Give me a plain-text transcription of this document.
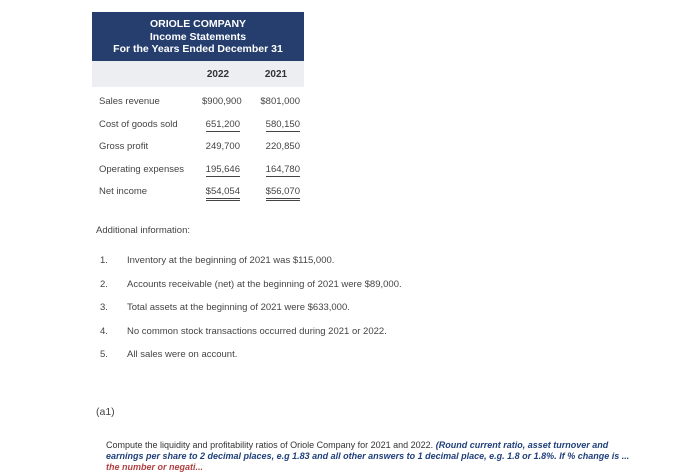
ORIOLE COMPANY
Income Statements
For the Years Ended December 31
2022	2021
Sales revenue	$900,900 $801,000
Cost of goods sold	651,200	580,150
Gross profit	249,700	220,850
Operating expenses	195,646	164,780
Net income	$54,054	$56,070
Additional information:
1. Inventory at the beginning of 2021 was $115,000.
2. Accounts receivable (net) at the beginning of 2021 were $89,000.
3. Total assets at the beginning of 2021 were $633,000.
4. No common stock transactions occurred during 2021 or 2022.
5. All sales were on account.
(a1)
Compute the liquidity and profitability ratios of Oriole Company for 2021 and 2022. (Round current ratio, asset turnover and earnings per share to 2 decimal places, e.g 1.83 and all other answers to 1 decimal place, e.g. 1.8 or 1.8%. If % change is ...
the number or negati...
